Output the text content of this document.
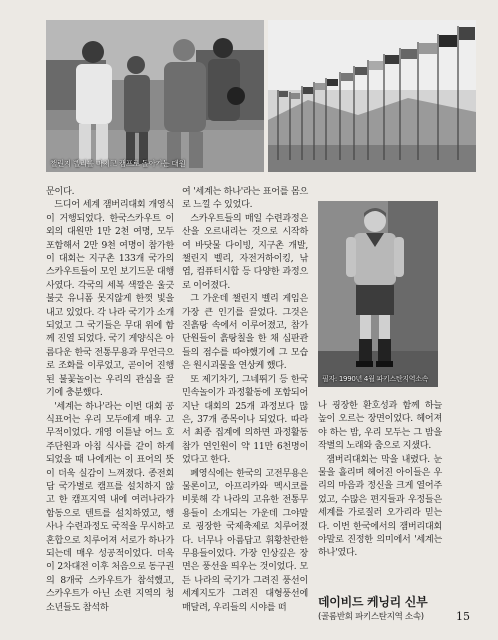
챌린지 벨리를 마치고 캠프로 돌아가는 대원
필자: 1990년 4월 파키스탄지역소속

문이다.

드디어 세계 잼버리대회 개영식이 거행되었다. 한국스카우트 이외의 대원만 1만 2천 여명, 모두 포함해서 2만 9천 여명이 참가한 이 대회는 지구촌 133개 국가의 스카우트들이 모인 보기드문 대행사였다. 각국의 세복 색깔은 울긋불긋 유니폼 못지않게 한껏 빛을 내고 있었다. 각 나라 국기가 소개되었고 그 국기들은 무대 위에 함께 진열 되었다. 국기 게양식은 아름다운 한국 전통무용과 무언극으로 조화를 이루었고, 곧이어 진행된 불꽃놀이는 우리의 관심을 끌기에 충분했다.

'세계는 하나'라는 이번 대회 공식표어는 우리 모두에게 매우 고무적이었다. 개영 이튿날 어느 호주단원과 아침 식사를 같이 하게 되었을 때 나에게는 이 표어의 뜻이 더욱 실감이 느껴졌다. 종전회담 국가별로 캠프를 설치하지 않고 한 캠프지역 내에 여러나라가 함동으로 텐트를 설치하였고, 행사나 수련과정도 국적을 무시하고 혼합으로 치루어져 서로가 하나가 되는데 매우 성공적이었다. 더욱이 2차대전 이후 처음으로 동구권의 8개국 스카우트가 참석했고, 스카우트가 아닌 소련 지역의 청소년들도 참석하

여 '세계는 하나'라는 표어를 몸으로 느낄 수 있었다.

스카우트들의 매일 수련과정은 산을 오르내리는 것으로 시작하여 바닷물 다이빙, 지구촌 개발, 챌린지 벨리, 자전거하이킹, 낚엽, 컴퓨터시합 등 다양한 과정으로 이어졌다.

그 가운데 챌린지 벨리 게임은 가장 큰 인기를 끌었다. 그것은 진흙탕 속에서 이루어졌고, 참가 단원들이 흙탕칠을 한 채 심판관들의 점수를 따야했기에 그 모습은 원시괴물을 연상케 했다.

또 제기차기, 그네뛰기 등 한국 민속놀이가 과정활동에 포함되어 지난 대회의 25개 과정보다 많은, 37개 종목이나 되었다. 따라서 최종 집계에 의하면 과정활동 참가 연인원이 약 11만 6천명이었다고 한다.

폐영식에는 한국의 고전무용은 물론이고, 아프리카와 멕시코를 비롯해 각 나라의 고유한 전통무용들이 소개되는 가운데 그야말로 굉장한 국제축제로 치루어졌다. 너무나 아름답고 휘황찬란한 무용들이었다. 가장 인상깊은 장면은 풍선을 띄우는 것이었다. 모든 나라의 국기가 그려진 풍선이 세계지도가 그려진 대형풍선에 매달려, 우리들의 시야를 떠

나 굉장한 환호성과 함께 하늘 높이 오르는 장면이었다. 헤어져야 하는 밤, 우리 모두는 그 밤을 작별의 노래와 춤으로 지샜다.

잼버리대회는 막을 내렸다. 눈물을 흘리며 헤어진 아이들은 우리의 마음과 정신을 크게 열어주었고, 수많은 편지들과 우정들은 세계를 가로질러 오가리라 믿는다. 이번 한국에서의 잼버리대회야말로 진정한 의미에서 '세계는 하나'였다.

데이비드 케닝리 신부
(골롬반회 파키스탄지역 소속)	15
